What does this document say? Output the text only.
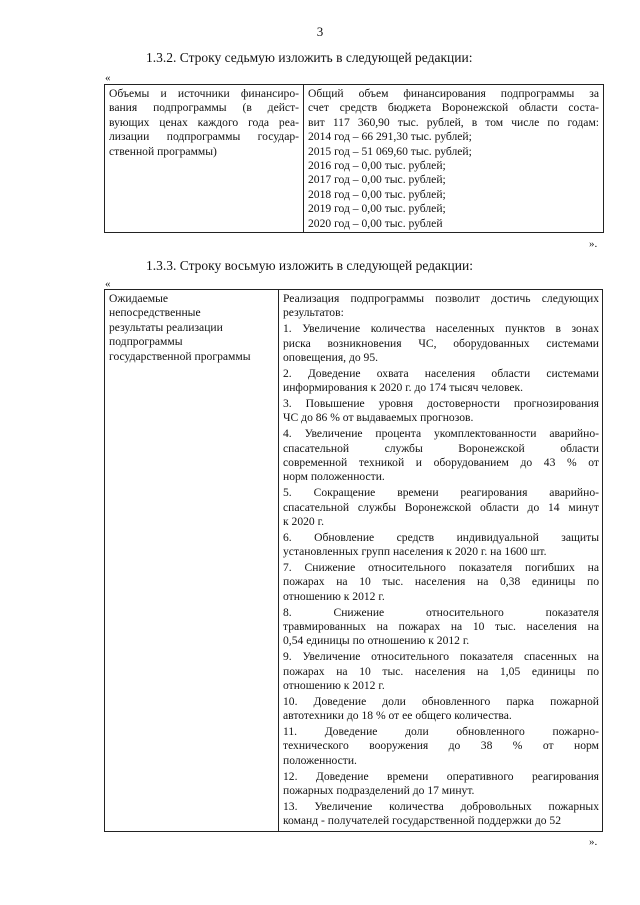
3
1.3.2. Строку седьмую изложить в следующей редакции:
«
Объемы и источники финансиро-
вания подпрограммы (в дейст-
вующих ценах каждого года реа-
лизации подпрограммы государ-
ственной программы)

Общий объем финансирования подпрограммы за
счет средств бюджета Воронежской области соста-
вит 117 360,90 тыс. рублей, в том числе по годам:
2014 год – 66 291,30 тыс. рублей;
2015 год – 51 069,60 тыс. рублей;
2016 год – 0,00 тыс. рублей;
2017 год – 0,00 тыс. рублей;
2018 год – 0,00 тыс. рублей;
2019 год – 0,00 тыс. рублей;
2020 год – 0,00 тыс. рублей
».
1.3.3. Строку восьмую изложить в следующей редакции:
«
Ожидаемые
непосредственные
результаты реализации
подпрограммы
государственной программы

Реализация подпрограммы позволит достичь следующих
результатов:
1. Увеличение количества населенных пунктов в зонах
риска возникновения ЧС, оборудованных системами
оповещения, до 95.
2. Доведение охвата населения области системами
информирования к 2020 г. до 174 тысяч человек.
3. Повышение уровня достоверности прогнозирования
ЧС до 86 % от выдаваемых прогнозов.
4. Увеличение процента укомплектованности аварийно-
спасательной службы Воронежской области
современной техникой и оборудованием до 43 % от
норм положенности.
5. Сокращение времени реагирования аварийно-
спасательной службы Воронежской области до 14 минут
к 2020 г.
6. Обновление средств индивидуальной защиты
установленных групп населения к 2020 г. на 1600 шт.
7. Снижение относительного показателя погибших на
пожарах на 10 тыс. населения на 0,38 единицы по
отношению к 2012 г.
8. Снижение относительного показателя
травмированных на пожарах на 10 тыс. населения на
0,54 единицы по отношению к 2012 г.
9. Увеличение относительного показателя спасенных на
пожарах на 10 тыс. населения на 1,05 единицы по
отношению к 2012 г.
10. Доведение доли обновленного парка пожарной
автотехники до 18 % от ее общего количества.
11. Доведение доли обновленного пожарно-
технического вооружения до 38 % от норм
положенности.
12. Доведение времени оперативного реагирования
пожарных подразделений до 17 минут.
13. Увеличение количества добровольных пожарных
команд - получателей государственной поддержки до 52
».
